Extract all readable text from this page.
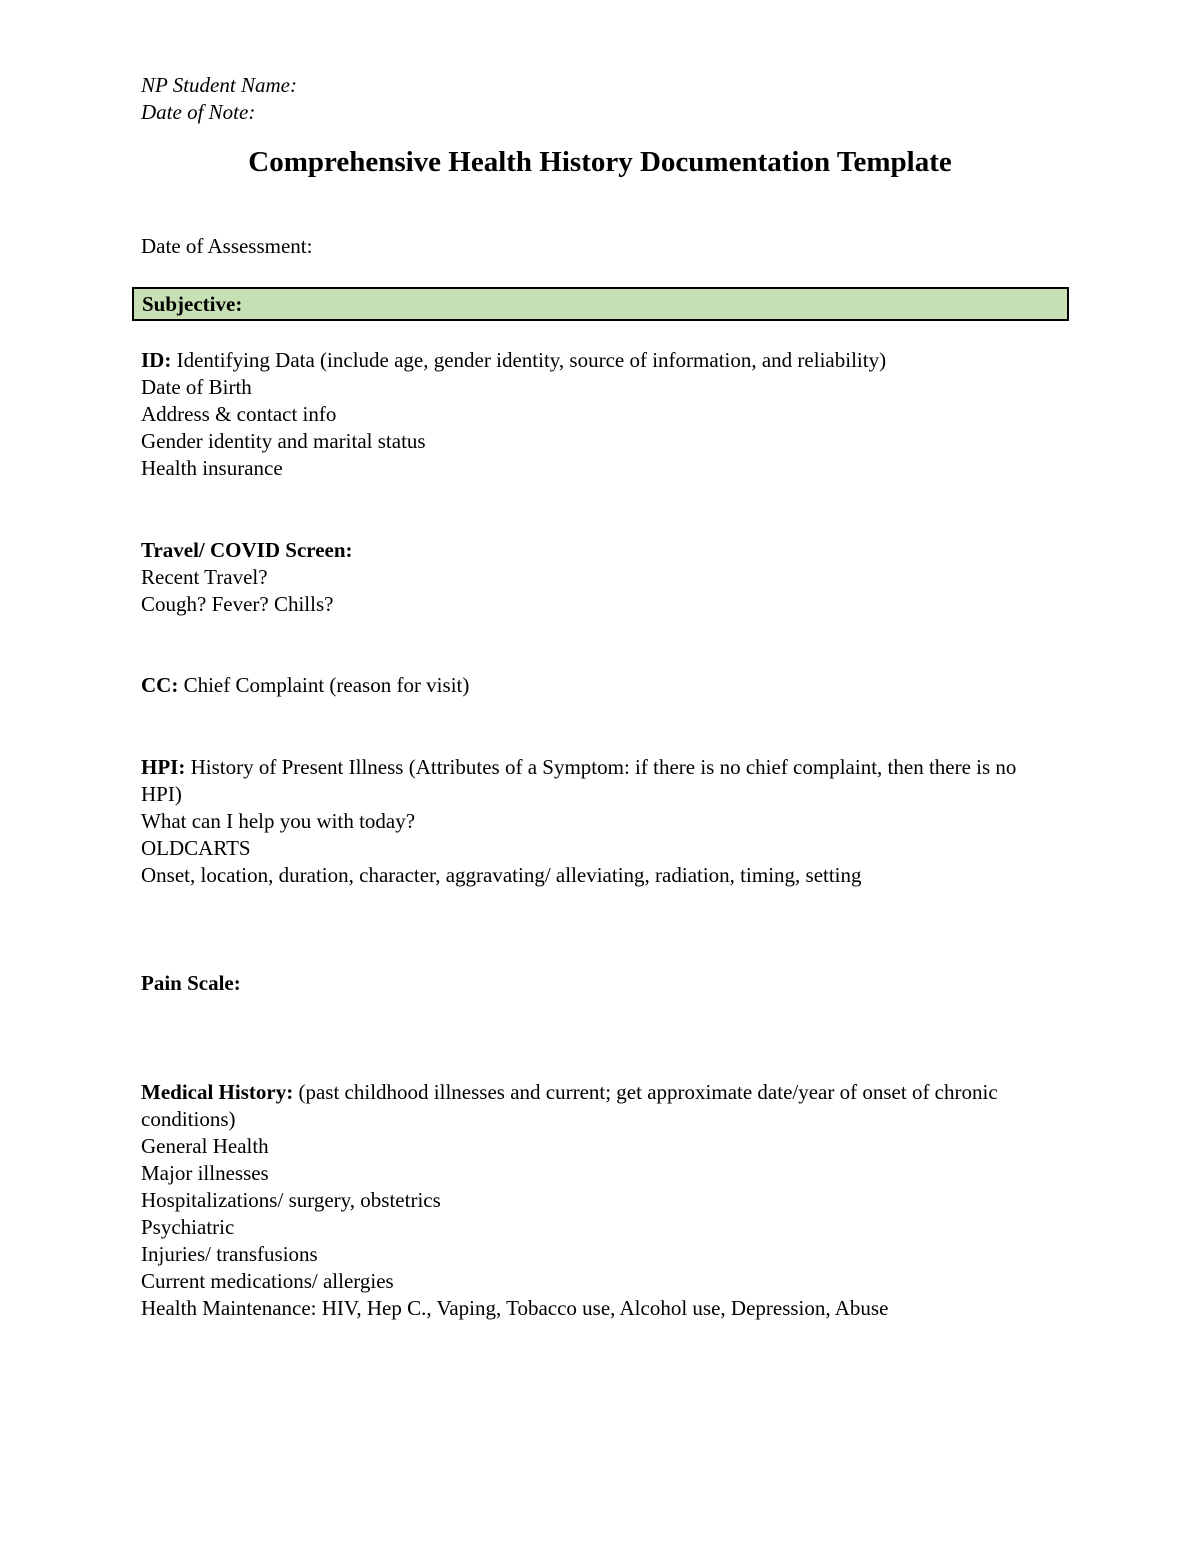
NP Student Name:
Date of Note:
Comprehensive Health History Documentation Template
Date of Assessment:
Subjective:
ID: Identifying Data (include age, gender identity, source of information, and reliability)
Date of Birth
Address & contact info
Gender identity and marital status
Health insurance
Travel/ COVID Screen:
Recent Travel?
Cough? Fever? Chills?
CC: Chief Complaint (reason for visit)
HPI: History of Present Illness (Attributes of a Symptom: if there is no chief complaint, then there is no HPI)
What can I help you with today?
OLDCARTS
Onset, location, duration, character, aggravating/ alleviating, radiation, timing, setting
Pain Scale:
Medical History: (past childhood illnesses and current; get approximate date/year of onset of chronic conditions)
General Health
Major illnesses
Hospitalizations/ surgery, obstetrics
Psychiatric
Injuries/ transfusions
Current medications/ allergies
Health Maintenance: HIV, Hep C., Vaping, Tobacco use, Alcohol use, Depression, Abuse
